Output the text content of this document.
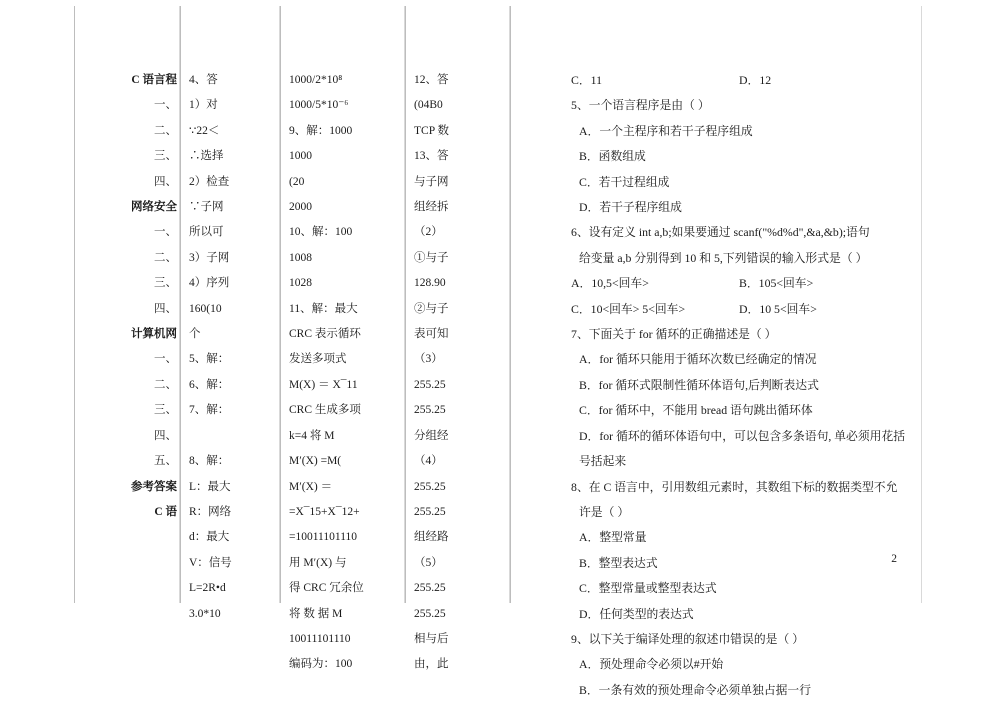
C 语言程
一、
二、
三、
四、
网络安全
一、
二、
三、
四、
计算机网
一、
二、
三、
四、
五、
参考答案
C 语
4、答
1）对
∵22＜
∴选择
2）检查
∵子网
所以可
3）子网
4）序列
160(10
个
5、解：
6、解：
7、解：
8、解：
L：最大
R：网络
d：最大
V：信号
L=2R•d
3.0*10
1000/2*10⁸
1000/5*10⁻⁶
9、解：1000
1000
(20
2000
10、解：100
1008
1028
11、解：最大
CRC 表示循环
发送多项式
M(X) ＝ X¯11
CRC 生成多项
k=4 将 M
M′(X) =M(
M′(X) ＝
=X¯15+X¯12+
=10011101110
用 M′(X) 与
得 CRC 冗余位
将 数 据 M
10011101110
编码为：100
12、答
(04B0
TCP 数
13、答
与子网
组经拆
（2）
①与子
128.90
②与子
表可知
（3）
255.25
255.25
分组经
（4）
255.25
255.25
组经路
（5）
255.25
255.25
相与后
由，此
C．11	D．12
5、一个语言程序是由（ ）
A．一个主程序和若干子程序组成
B．函数组成
C．若干过程组成
D．若干子程序组成
6、设有定义 int a,b;如果要通过 scanf("%d%d",&a,&b);语句
给变量 a,b 分别得到 10 和 5,下列错误的输入形式是（ ）
A．10,5<回车>	B．105<回车>
C．10<回车> 5<回车>	D．10 5<回车>
7、下面关于 for 循环的正确描述是（ ）
A．for 循环只能用于循环次数已经确定的情况
B．for 循环式限制性循环体语句,后判断表达式
C．for 循环中，不能用 bread 语句跳出循环体
D．for 循环的循环体语句中，可以包含多条语句, 单必须用花括
号括起来
8、在 C 语言中，引用数组元素时，其数组下标的数据类型不允
许是（ ）
A．整型常量
B．整型表达式
C．整型常量或整型表达式
D．任何类型的表达式
9、以下关于编译处理的叙述巾错误的是（ ）
A．预处理命令必须以#开始
B．一条有效的预处理命令必须单独占据一行
2
